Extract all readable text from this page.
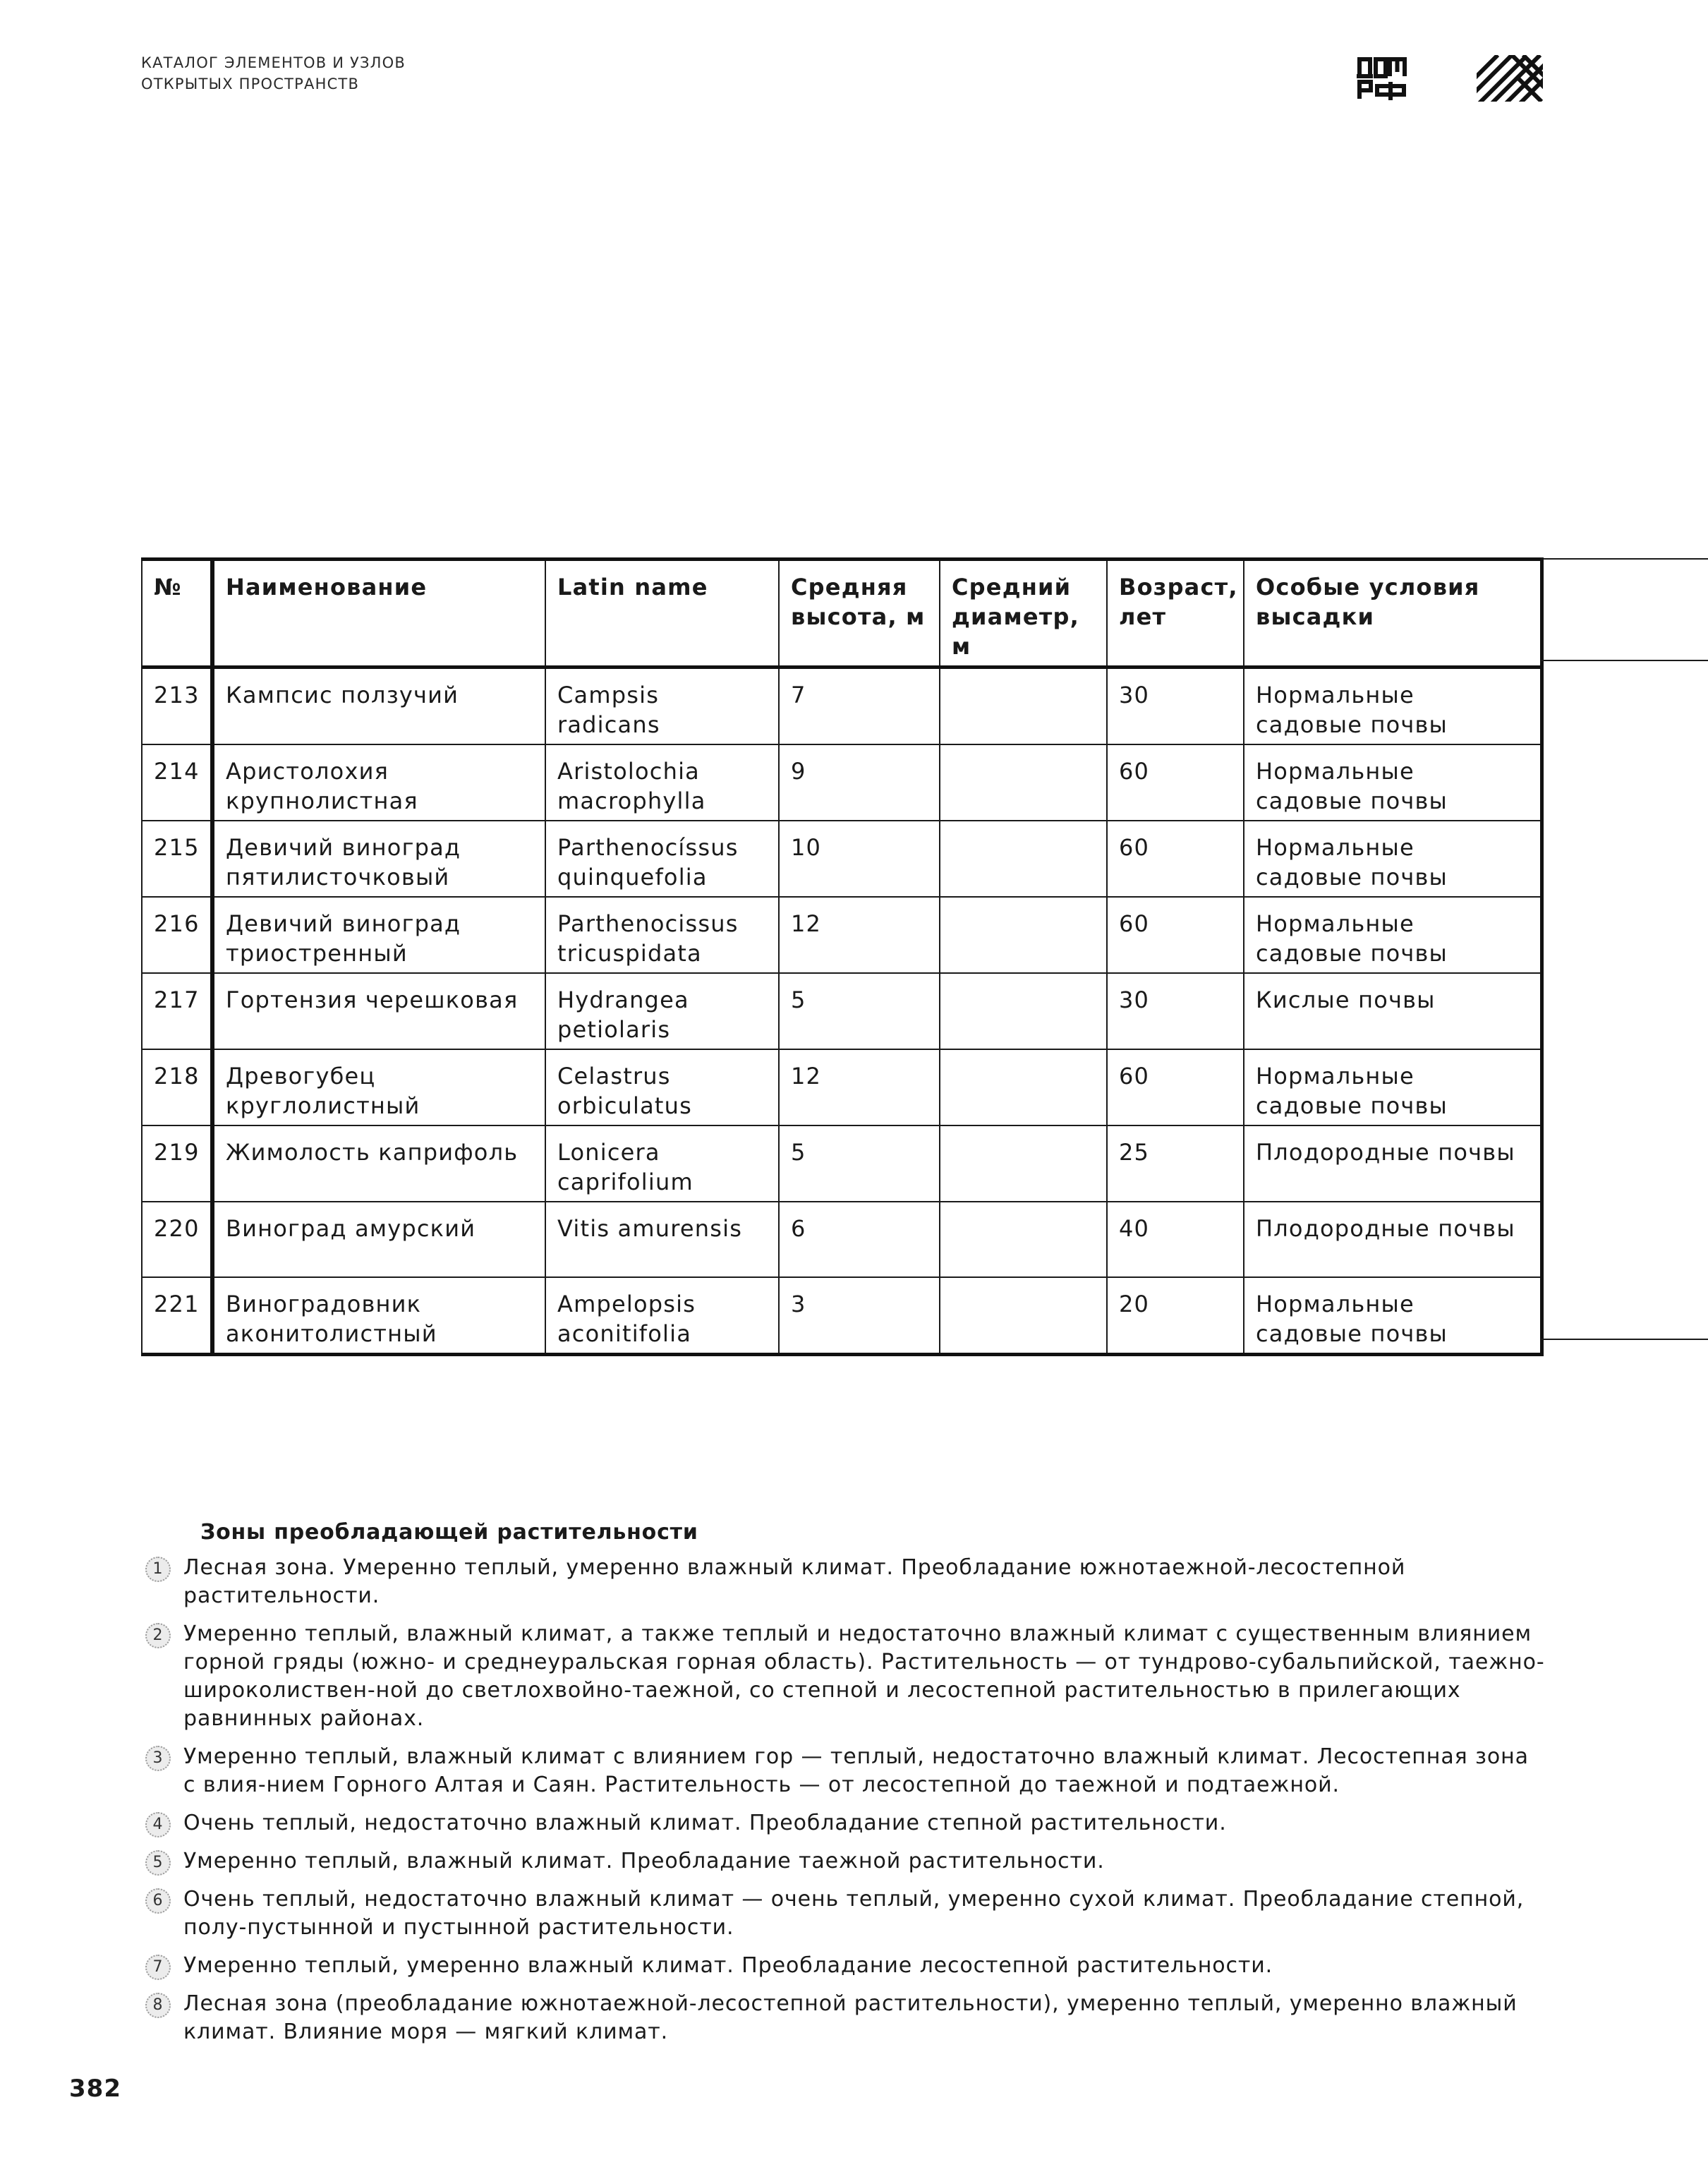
КАТАЛОГ ЭЛЕМЕНТОВ И УЗЛОВ
ОТКРЫТЫХ ПРОСТРАНСТВ
№	Наименование	Latin name	Средняя высота, м	Средний диаметр, м	Возраст, лет	Особые условия высадки
213	Кампсис ползучий	Campsis radicans	7		30	Нормальные садовые почвы
214	Аристолохия крупнолистная	Aristolochia macrophylla	9		60	Нормальные садовые почвы
215	Девичий виноград пятилисточковый	Parthenocíssus quinquefolia	10		60	Нормальные садовые почвы
216	Девичий виноград триостренный	Parthenocissus tricuspidata	12		60	Нормальные садовые почвы
217	Гортензия черешковая	Hydrangea petiolaris	5		30	Кислые почвы
218	Древогубец круглолистный	Celastrus orbiculatus	12		60	Нормальные садовые почвы
219	Жимолость каприфоль	Lonicera caprifolium	5		25	Плодородные почвы
220	Виноград амурский	Vitis amurensis	6		40	Плодородные почвы
221	Виноградовник аконитолистный	Ampelopsis aconitifolia	3		20	Нормальные садовые почвы
Зоны преобладающей растительности
1 Лесная зона. Умеренно теплый, умеренно влажный климат. Преобладание южнотаежной-лесостепной растительности.
2 Умеренно теплый, влажный климат, а также теплый и недостаточно влажный климат с существенным влиянием горной гряды (южно- и среднеуральская горная область). Растительность — от тундрово-субальпийской, таежно-широколиствен-ной до светлохвойно-таежной, со степной и лесостепной растительностью в прилегающих равнинных районах.
3 Умеренно теплый, влажный климат с влиянием гор — теплый, недостаточно влажный климат. Лесостепная зона с влия-нием Горного Алтая и Саян. Растительность — от лесостепной до таежной и подтаежной.
4 Очень теплый, недостаточно влажный климат. Преобладание степной растительности.
5 Умеренно теплый, влажный климат. Преобладание таежной растительности.
6 Очень теплый, недостаточно влажный климат — очень теплый, умеренно сухой климат. Преобладание степной, полу-пустынной и пустынной растительности.
7 Умеренно теплый, умеренно влажный климат. Преобладание лесостепной растительности.
8 Лесная зона (преобладание южнотаежной-лесостепной растительности), умеренно теплый, умеренно влажный климат. Влияние моря — мягкий климат.
382
